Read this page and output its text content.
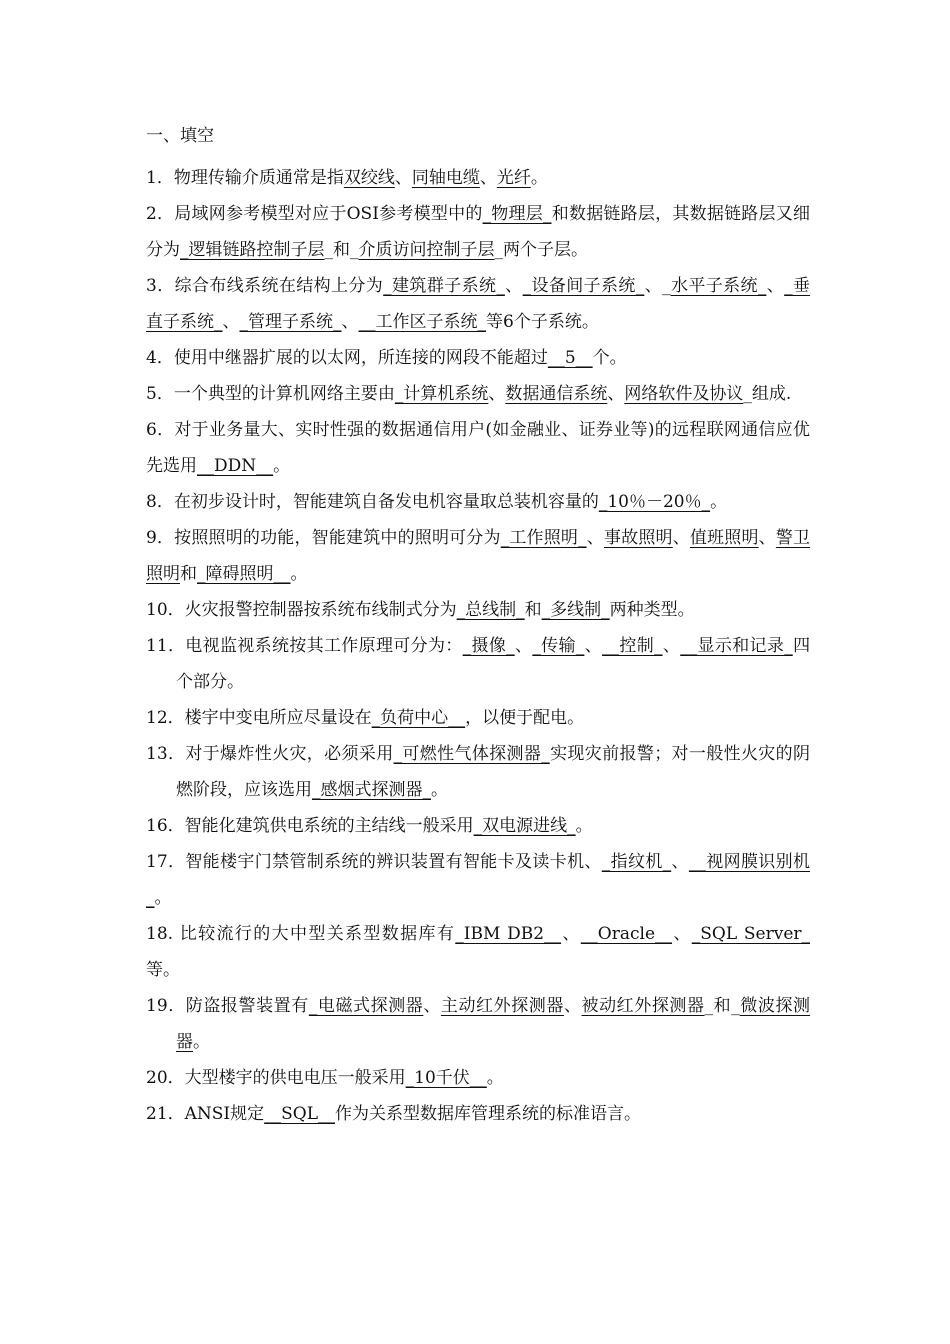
一、填空

1．物理传输介质通常是指双绞线、同轴电缆、光纤。

2．局域网参考模型对应于OSI参考模型中的_物理层_和数据链路层，其数据链路层又细分为_逻辑链路控制子层_和_介质访问控制子层_两个子层。

3．综合布线系统在结构上分为_建筑群子系统_、_设备间子系统_、_水平子系统_、_垂直子系统_、_管理子系统_、__工作区子系统_等6个子系统。

4．使用中继器扩展的以太网，所连接的网段不能超过__5__个。

5．一个典型的计算机网络主要由_计算机系统、数据通信系统、网络软件及协议_组成.

6．对于业务量大、实时性强的数据通信用户(如金融业、证券业等)的远程联网通信应优先选用__DDN__。

8．在初步设计时，智能建筑自备发电机容量取总装机容量的_10％－20％_。

9．按照照明的功能，智能建筑中的照明可分为_工作照明_、事故照明、值班照明、警卫照明和_障碍照明__。

10．火灾报警控制器按系统布线制式分为_总线制_和_多线制_两种类型。

11．电视监视系统按其工作原理可分为：_摄像_、_传输_、__控制_、__显示和记录_四个部分。

12．楼宇中变电所应尽量设在_负荷中心__，以便于配电。

13．对于爆炸性火灾，必须采用_可燃性气体探测器_实现灾前报警；对一般性火灾的阴燃阶段，应该选用_感烟式探测器_。

16．智能化建筑供电系统的主结线一般采用_双电源进线_。

17．智能楼宇门禁管制系统的辨识装置有智能卡及读卡机、_指纹机_、__视网膜识别机_。

18. 比较流行的大中型关系型数据库有_IBM DB2__、__Oracle__、_SQL Server_等。

19．防盗报警装置有_电磁式探测器、主动红外探测器、被动红外探测器_和_微波探测器。

20．大型楼宇的供电电压一般采用_10千伏__。

21．ANSI规定__SQL__作为关系型数据库管理系统的标准语言。
